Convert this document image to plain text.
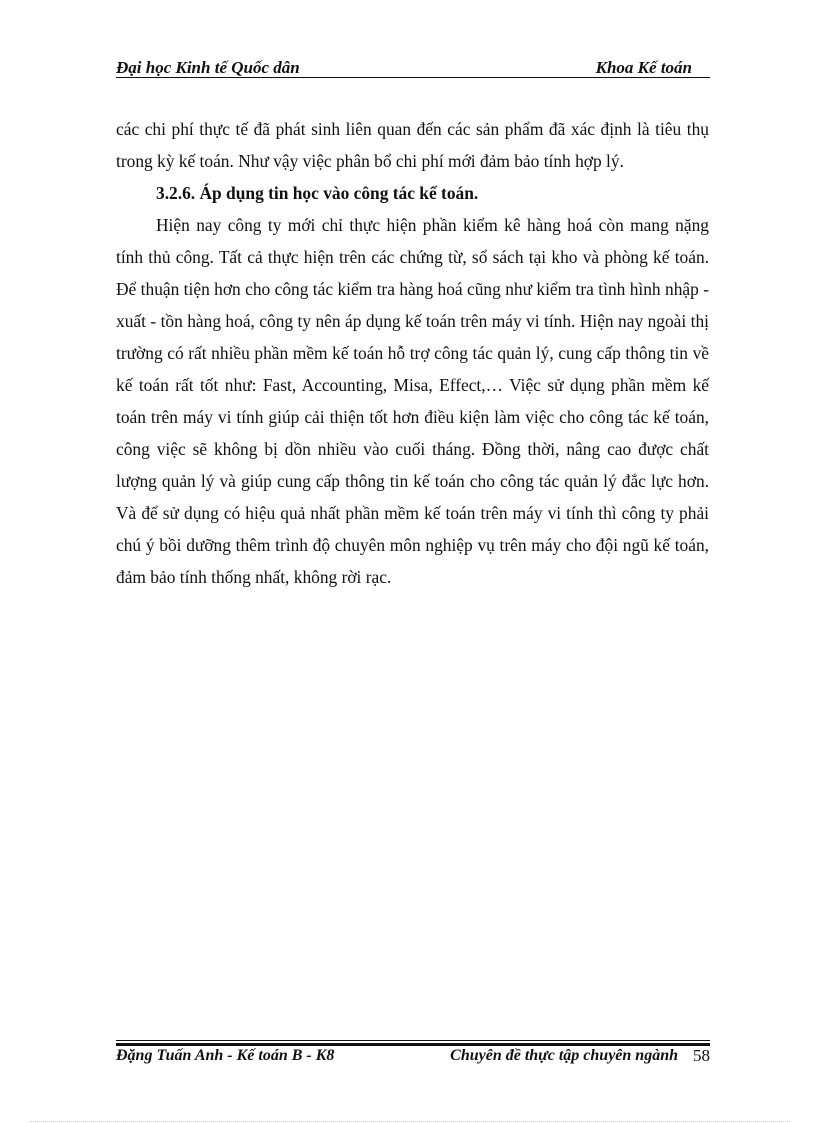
Đại học Kinh tế Quốc dân	Khoa Kế toán

các chi phí thực tế đã phát sinh liên quan đến các sản phẩm đã xác định là tiêu thụ trong kỳ kế toán. Như vậy việc phân bổ chi phí mới đảm bảo tính hợp lý.

3.2.6. Áp dụng tin học vào công tác kế toán.

Hiện nay công ty mới chỉ thực hiện phần kiểm kê hàng hoá còn mang nặng tính thủ công. Tất cả thực hiện trên các chứng từ, sổ sách tại kho và phòng kế toán. Để thuận tiện hơn cho công tác kiểm tra hàng hoá cũng như kiểm tra tình hình nhập - xuất - tồn hàng hoá, công ty nên áp dụng kế toán trên máy vi tính. Hiện nay ngoài thị trường có rất nhiều phần mềm kế toán hỗ trợ công tác quản lý, cung cấp thông tin về kế toán rất tốt như: Fast, Accounting, Misa, Effect,… Việc sử dụng phần mềm kế toán trên máy vi tính giúp cải thiện tốt hơn điều kiện làm việc cho công tác kế toán, công việc sẽ không bị dồn nhiều vào cuối tháng. Đồng thời, nâng cao được chất lượng quản lý và giúp cung cấp thông tin kế toán cho công tác quản lý đắc lực hơn. Và để sử dụng có hiệu quả nhất phần mềm kế toán trên máy vi tính thì công ty phải chú ý bồi dưỡng thêm trình độ chuyên môn nghiệp vụ trên máy cho đội ngũ kế toán, đảm bảo tính thống nhất, không rời rạc.

Đặng Tuấn Anh - Kế toán B - K8	Chuyên đề thực tập chuyên ngành 58
